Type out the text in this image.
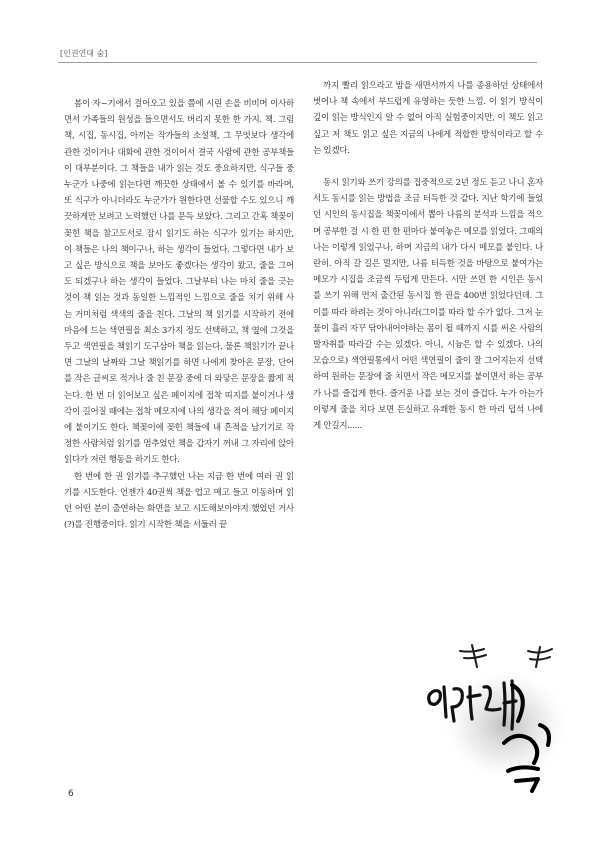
[인권연대 숨]

봄이 자~기에서 걸어오고 있을 쯤에 시린 손을 비비며 이사하면서 가족들의 원성을 들으면서도 버리지 못한 한 가지. 책. 그림책, 시집, 동시집, 아끼는 작가들의 소설책, 그 무엇보다 생각에 관한 것이거나 대화에 관한 것이어서 결국 사람에 관한 공부책들이 대부분이다. 그 책들을 내가 읽는 것도 중요하지만, 식구들 중 누군가 나중에 읽는다면 깨끗한 상태에서 볼 수 있기를 바라며, 또 식구가 아니더라도 누군가가 원한다면 선물할 수도 있으니 깨끗하게만 보려고 노력했던 나를 문득 보았다. 그리고 간혹 책꽂이 꽂힌 책을 참고도서로 잠시 읽기도 하는 식구가 있기는 하지만, 이 책들은 나의 책이구나, 하는 생각이 들었다. 그렇다면 내가 보고 싶은 방식으로 책을 보아도 좋겠다는 생각이 왔고, 줄을 그어도 되겠구나 하는 생각이 들었다. 그날부터 나는 마치 줄을 긋는 것이 책 읽는 것과 동일한 느낌적인 느낌으로 줄을 치기 위해 사는 거미처럼 색색의 줄을 친다. 그날의 책 읽기를 시작하기 전에 마음에 드는 색연필을 최소 3가지 정도 선택하고, 책 옆에 그것을 두고 색연필을 책읽기 도구삼아 책을 읽는다. 물론 책읽기가 끝나면 그날의 날짜와 그날 책읽기를 하면 나에게 찾아온 문장, 단어를 작은 글씨로 적거나 줄 친 문장 중에 더 와닿은 문장을 짧게 적는다. 한 번 더 읽어보고 싶은 페이지에 접착 띠지를 붙이거나 생각이 길어질 때에는 접착 메모지에 나의 생각을 적어 해당 페이지에 붙이기도 한다. 책꽂이에 꽂힌 책들에 내 흔적을 남기기로 작정한 사람처럼 읽기를 멈추었던 책을 갑자기 꺼내 그 자리에 앉아 읽다가 저런 행동을 하기도 한다.

한 번에 한 권 읽기를 추구했던 나는 지금 한 번에 여러 권 읽기를 시도한다. 언젠가 40권씩 책을 업고 메고 들고 이동하며 읽던 어떤 분이 출연하는 화면을 보고 시도해보아야지 했었던 거사(?)를 진행중이다. 읽기 시작한 책을 서둘러 끝

까지 빨리 읽으라고 밤을 새면서까지 나를 종용하던 상태에서 벗어나 책 속에서 부드럽게 유영하는 듯한 느낌. 이 읽기 방식이 깊이 읽는 방식인지 알 수 없어 아직 실험중이지만, 이 책도 읽고 싶고 저 책도 읽고 싶은 지금의 나에게 적합한 방식이라고 할 수는 있겠다.

동시 읽기와 쓰기 강의를 집중적으로 2년 정도 듣고 나니 혼자 서도 동시를 읽는 방법을 조금 터득한 것 같다. 지난 학기에 들었던 시인의 동시집을 책꽂이에서 뽑아 나름의 분석과 느낌을 적으며 공부한 걸 시 한 편 한 편마다 붙여놓은 메모를 읽었다. 그때의 나는 이렇게 읽었구나, 하며 지금의 내가 다시 메모를 붙인다. 나란히. 아직 갈 길은 멀지만, 나름 터득한 것을 바탕으로 붙여가는 메모가 시집을 조금씩 두텁게 만든다. 시만 쓰면 한 시인은 동시를 쓰기 위해 먼저 출간된 동시집 한 권을 400번 읽었다던데. 그이를 따라 하려는 것이 아니라(그이를 따라 할 수가 없다. 그저 눈물이 흘러 자꾸 닦아내어야하는 몸이 될 때까지 시를 써온 사람의 발자취를 따라갈 수는 있겠다. 아니, 시늉은 할 수 있겠다. 나의 모습으로) 색연필통에서 어떤 색연필이 줄이 잘 그어지는지 선택하여 원하는 문장에 줄 치면서 작은 메모지를 붙이면서 하는 공부가 나를 즐겁게 한다. 즐거운 나를 보는 것이 즐겁다. 누가 아는가 이렇게 줄을 치다 보면 든실하고 유쾌한 동시 한 마리 덥석 나에게 안길지......

6
